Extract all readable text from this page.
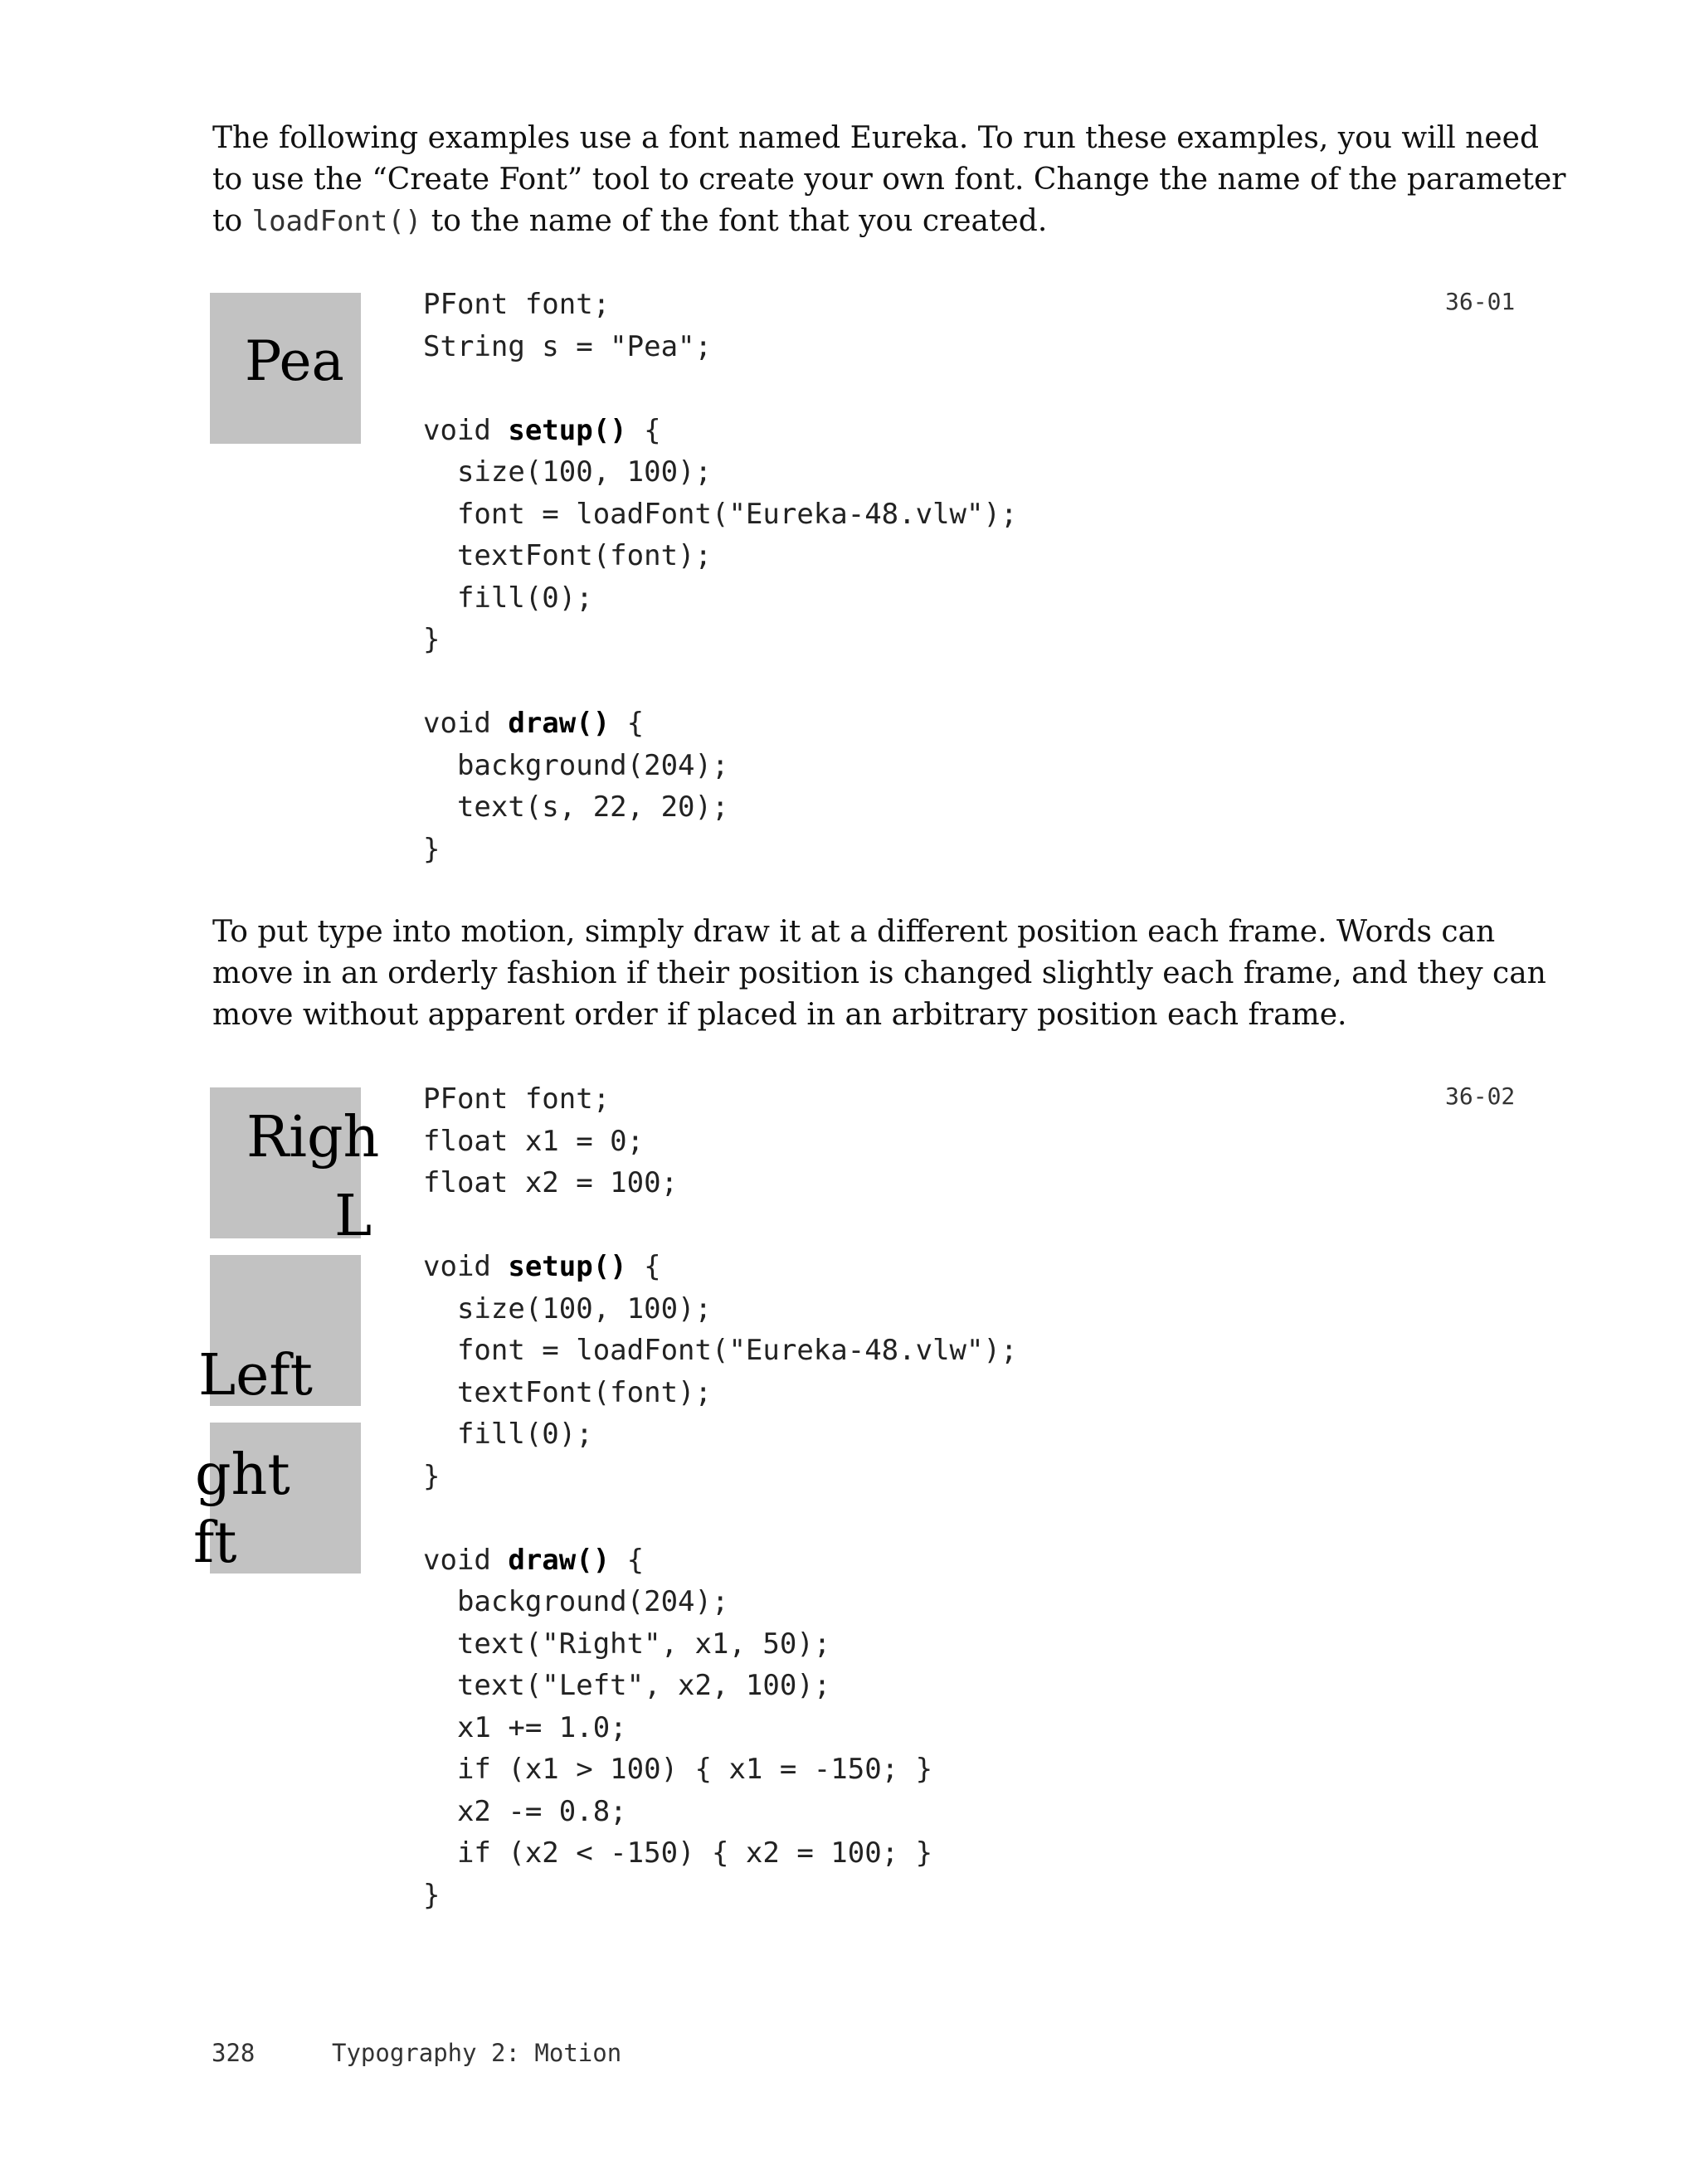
The following examples use a font named Eureka. To run these examples, you will need
to use the “Create Font” tool to create your own font. Change the name of the parameter
to loadFont() to the name of the font that you created.
Pea
PFont font;
String s = "Pea";

void setup() {
size(100, 100);
font = loadFont("Eureka-48.vlw");
textFont(font);
fill(0);
}

void draw() {
background(204);
text(s, 22, 20);
}
36-01
To put type into motion, simply draw it at a different position each frame. Words can
move in an orderly fashion if their position is changed slightly each frame, and they can
move without apparent order if placed in an arbitrary position each frame.
Righ
L
Left
ght
ft
PFont font;
float x1 = 0;
float x2 = 100;

void setup() {
size(100, 100);
font = loadFont("Eureka-48.vlw");
textFont(font);
fill(0);
}

void draw() {
background(204);
text("Right", x1, 50);
text("Left", x2, 100);
x1 += 1.0;
if (x1 > 100) { x1 = -150; }
x2 -= 0.8;
if (x2 < -150) { x2 = 100; }
}
36-02
328	Typography 2: Motion
